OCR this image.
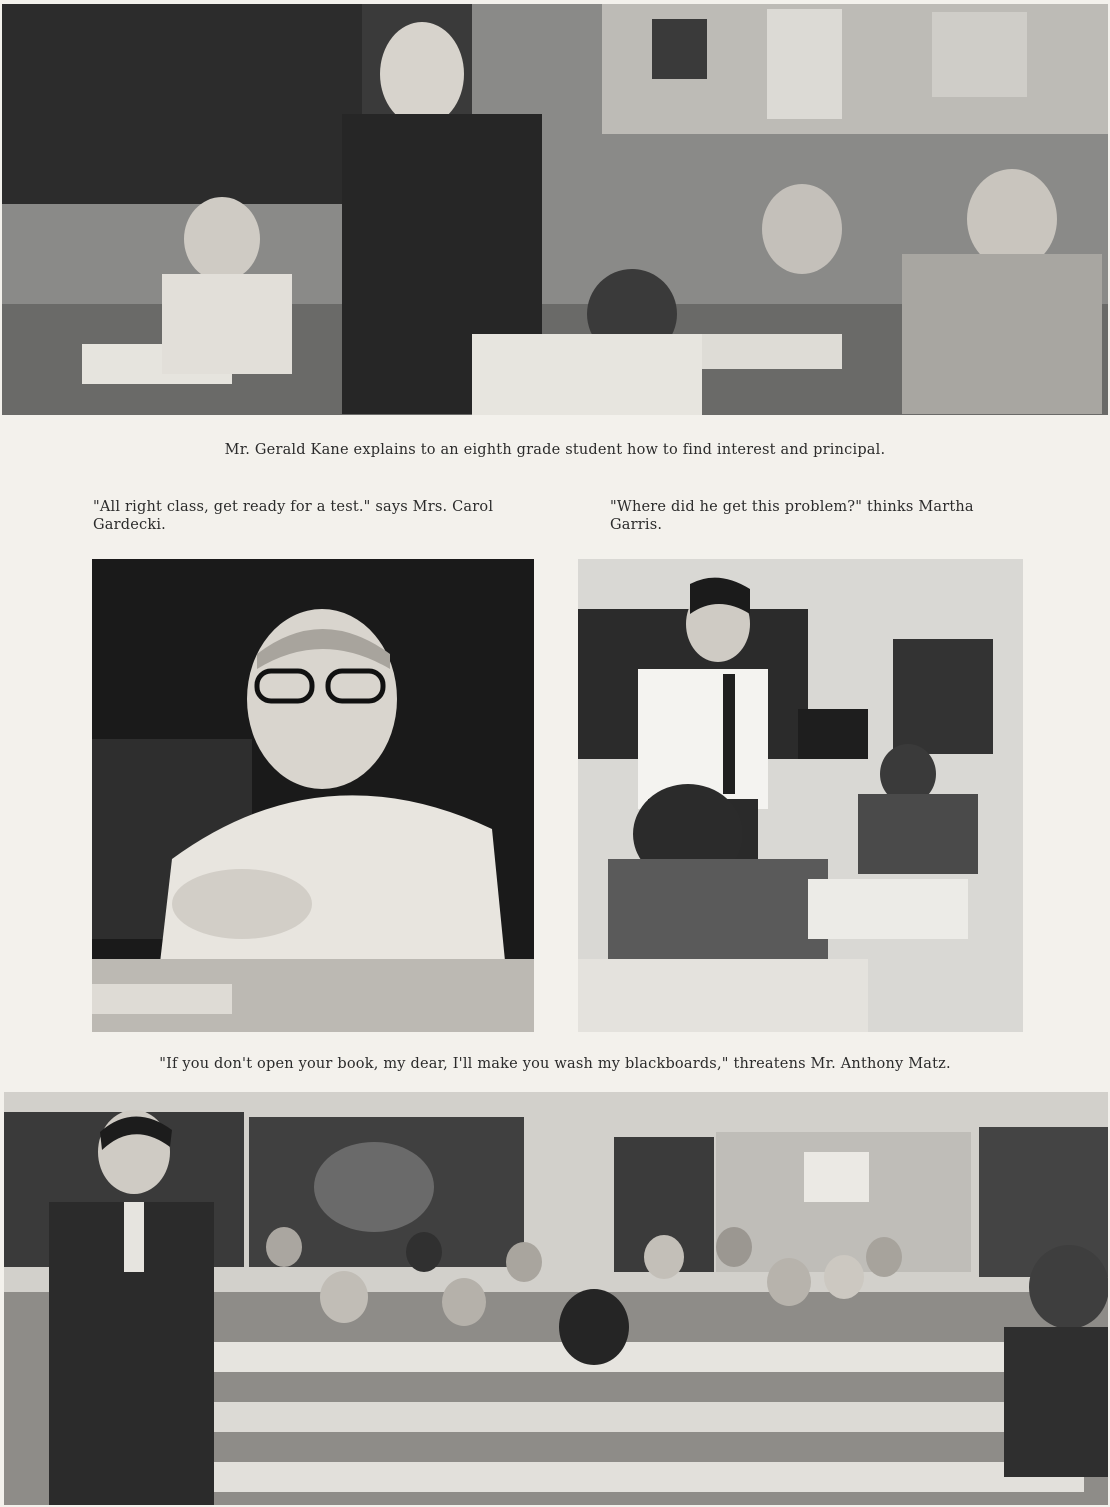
Mr. Gerald Kane explains to an eighth grade student how to find interest and principal.
"All right class, get ready for a test." says Mrs. Carol Gardecki.
"Where did he get this problem?" thinks Martha Garris.
"If you don't open your book, my dear, I'll make you wash my blackboards," threatens Mr. Anthony Matz.
